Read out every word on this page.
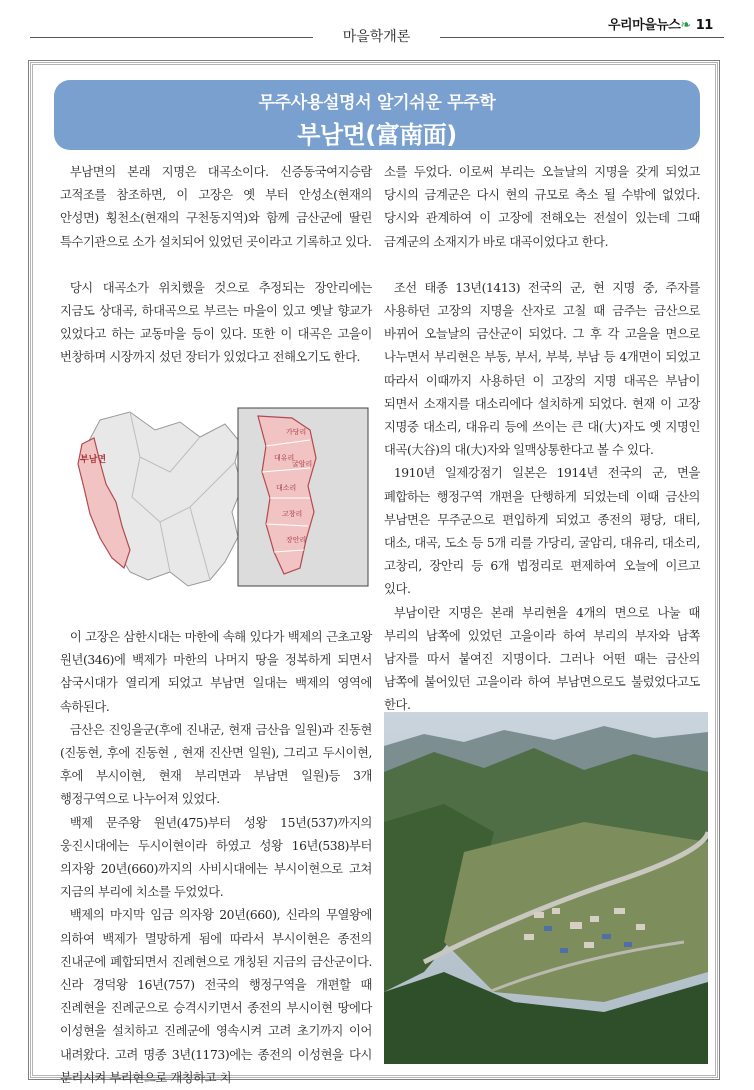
마을학개론
우리마을뉴스❧ 11
무주사용설명서 알기쉬운 무주학
부남면(富南面)

부남면의 본래 지명은 대곡소이다. 신증동국여지승람 고적조를 참조하면, 이 고장은 옛 부터 안성소(현재의 안성면) 횡천소(현재의 구천동지역)와 함께 금산군에 딸린 특수기관으로 소가 설치되어 있었던 곳이라고 기록하고 있다.

당시 대곡소가 위치했을 것으로 추정되는 장안리에는 지금도 상대곡, 하대곡으로 부르는 마을이 있고 옛날 향교가 있었다고 하는 교동마을 등이 있다. 또한 이 대곡은 고을이 번창하며 시장까지 섰던 장터가 있었다고 전해오기도 한다.

부남면
가당리
대유리
굴암리
대소리
고창리
장안리

이 고장은 삼한시대는 마한에 속해 있다가 백제의 근초고왕 원년(346)에 백제가 마한의 나머지 땅을 정복하게 되면서 삼국시대가 열리게 되었고 부남면 일대는 백제의 영역에 속하된다.

금산은 진잉을군(후에 진내군, 현재 금산읍 일원)과 진동현(진동현, 후에 진동현 , 현재 진산면 일원), 그리고 두시이현, 후에 부시이현, 현재 부리면과 부남면 일원)등 3개 행정구역으로 나누어져 있었다.

백제 문주왕 원년(475)부터 성왕 15년(537)까지의 웅진시대에는 두시이현이라 하였고 성왕 16년(538)부터 의자왕 20년(660)까지의 사비시대에는 부시이현으로 고쳐 지금의 부리에 치소를 두었었다.

백제의 마지막 임금 의자왕 20년(660), 신라의 무열왕에 의하여 백제가 멸망하게 됨에 따라서 부시이현은 종전의 진내군에 폐합되면서 진례현으로 개칭된 지금의 금산군이다. 신라 경덕왕 16년(757) 전국의 행정구역을 개편할 때 진례현을 진례군으로 승격시키면서 종전의 부시이현 땅에다 이성현을 설치하고 진례군에 영속시켜 고려 초기까지 이어 내려왔다. 고려 명종 3년(1173)에는 종전의 이성현을 다시 분리시켜 부리현으로 개칭하고 치

소를 두었다. 이로써 부리는 오늘날의 지명을 갖게 되었고 당시의 금계군은 다시 현의 규모로 축소 될 수밖에 없었다. 당시와 관계하여 이 고장에 전해오는 전설이 있는데 그때 금계군의 소재지가 바로 대곡이었다고 한다.

조선 태종 13년(1413) 전국의 군, 현 지명 중, 주자를 사용하던 고장의 지명을 산자로 고칠 때 금주는 금산으로 바뀌어 오늘날의 금산군이 되었다. 그 후 각 고을을 면으로 나누면서 부리현은 부동, 부서, 부북, 부남 등 4개면이 되었고 따라서 이때까지 사용하던 이 고장의 지명 대곡은 부남이 되면서 소재지를 대소리에다 설치하게 되었다. 현재 이 고장 지명중 대소리, 대유리 등에 쓰이는 큰 대(大)자도 옛 지명인 대곡(大谷)의 대(大)자와 일맥상통한다고 볼 수 있다.

1910년 일제강점기 일본은 1914년 전국의 군, 면을 폐합하는 행정구역 개편을 단행하게 되었는데 이때 금산의 부남면은 무주군으로 편입하게 되었고 종전의 평당, 대티, 대소, 대곡, 도소 등 5개 리를 가당리, 굴암리, 대유리, 대소리, 고창리, 장안리 등 6개 법정리로 편제하여 오늘에 이르고 있다.

부남이란 지명은 본래 부리현을 4개의 면으로 나눌 때 부리의 남쪽에 있었던 고을이라 하여 부리의 부자와 남쪽 남자를 따서 붙여진 지명이다. 그러나 어떤 때는 금산의 남쪽에 붙어있던 고을이라 하여 부남면으로도 불렀었다고도 한다.
